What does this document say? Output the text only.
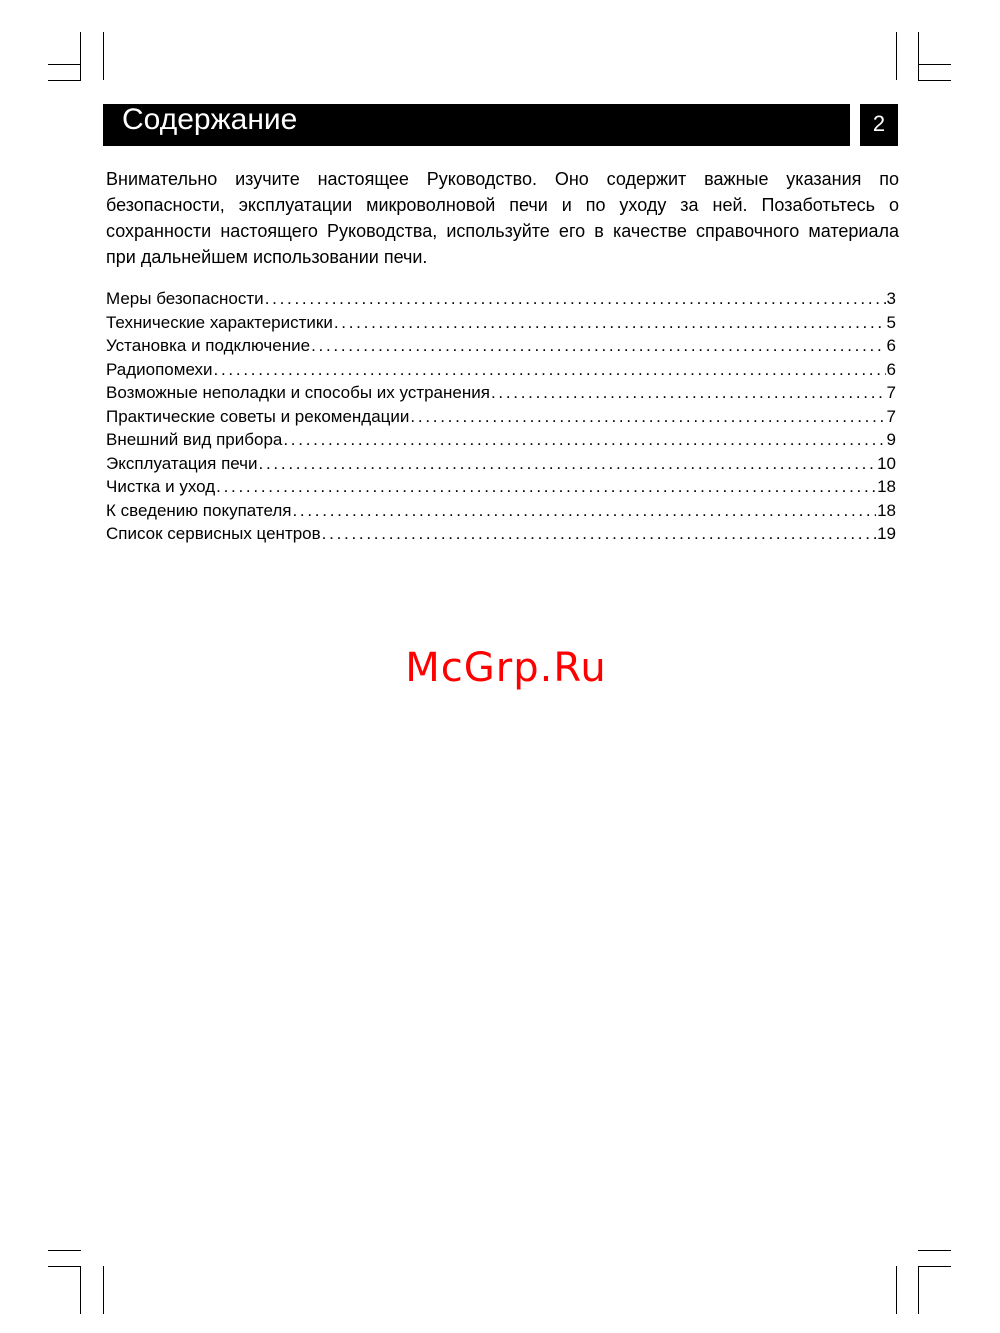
Содержание	2

Внимательно изучите настоящее Руководство. Оно содержит важные указания по безопасности, эксплуатации микроволновой печи и по уходу за ней. Позаботьтесь о сохранности настоящего Руководства, используйте его в качестве справочного материала при дальнейшем использовании печи.

Меры безопасности . . .	3
Технические характеристики . . .	5
Установка и подключение . . .	6
Радиопомехи . . .	6
Возможные неполадки и способы их устранения . . .	7
Практические советы и рекомендации . . .	7
Внешний вид прибора . . .	9
Эксплуатация печи . . .	10
Чистка и уход . . .	18
К сведению покупателя . . .	18
Список сервисных центров . . .	19
McGrp.Ru
